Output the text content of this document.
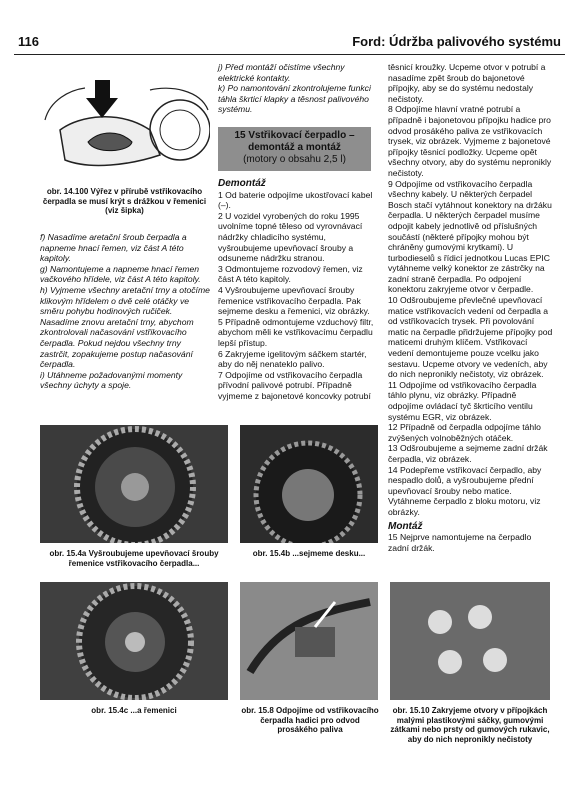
116	Ford: Údržba palivového systému
obr. 14.100 Výřez v přírubě vstřikovacího čerpadla se musí krýt s drážkou v řemenici (viz šipka)

f) Nasadíme aretační šroub čerpadla a napneme hnací řemen, viz část A této kapitoly.

g) Namontujeme a napneme hnací řemen vačkového hřídele, viz část A této kapitoly.

h) Vyjmeme všechny aretační trny a otočíme klikovým hřídelem o dvě celé otáčky ve směru pohybu hodinových ručiček. Nasadíme znovu aretační trny, abychom zkontrolovali načasování vstřikovacího čerpadla. Pokud nejdou všechny trny zastrčit, zopakujeme postup načasování čerpadla.

i) Utáhneme požadovanými momenty všechny úchyty a spoje.

j) Před montáží očistíme všechny elektrické kontakty.

k) Po namontování zkontrolujeme funkci táhla škrticí klapky a těsnost palivového systému.

15 Vstřikovací čerpadlo –
demontáž a montáž
(motory o obsahu 2,5 l)
Demontáž

1 Od baterie odpojíme ukostřovací kabel (–).

2 U vozidel vyrobených do roku 1995 uvolníme topné těleso od vyrovnávací nádržky chladicího systému, vyšroubujeme upevňovací šrouby a odsuneme nádržku stranou.

3 Odmontujeme rozvodový řemen, viz část A této kapitoly.

4 Vyšroubujeme upevňovací šrouby řemenice vstřikovacího čerpadla. Pak sejmeme desku a řemenici, viz obrázky.

5 Případně odmontujeme vzduchový filtr, abychom měli ke vstřikovacímu čerpadlu lepší přístup.

6 Zakryjeme igelitovým sáčkem startér, aby do něj nenateklo palivo.

7 Odpojíme od vstřikovacího čerpadla přívodní palivové potrubí. Případně vyjmeme z bajonetové koncovky potrubí

těsnicí kroužky. Ucpeme otvor v potrubí a nasadíme zpět šroub do bajonetové přípojky, aby se do systému nedostaly nečistoty.

8 Odpojíme hlavní vratné potrubí a případně i bajonetovou přípojku hadice pro odvod prosákého paliva ze vstřikovacích trysek, viz obrázek. Vyjmeme z bajonetové přípojky těsnicí podložky. Ucpeme opět všechny otvory, aby do systému nepronikly nečistoty.

9 Odpojíme od vstřikovacího čerpadla všechny kabely. U některých čerpadel Bosch stačí vytáhnout konektory na držáku čerpadla. U některých čerpadel musíme odpojit kabely jednotlivě od příslušných součástí (některé přípojky mohou být chráněny gumovými krytkami). U turbodieselů s řídicí jednotkou Lucas EPIC vytáhneme velký konektor ze zástrčky na zadní straně čerpadla. Po odpojení konektoru zakryjeme otvor v čerpadle.

10 Odšroubujeme převlečné upevňovací matice vstřikovacích vedení od čerpadla a od vstřikovacích trysek. Při povolování matic na čerpadle přidržujeme přípojky pod maticemi druhým klíčem. Vstřikovací vedení demontujeme pouze vcelku jako sestavu. Ucpeme otvory ve vedeních, aby do nich nepronikly nečistoty, viz obrázek.

11 Odpojíme od vstřikovacího čerpadla táhlo plynu, viz obrázky. Případně odpojíme ovládací tyč škrticího ventilu systému EGR, viz obrázek.

12 Případně od čerpadla odpojíme táhlo zvýšených volnoběžných otáček.

13 Odšroubujeme a sejmeme zadní držák čerpadla, viz obrázek.

14 Podepřeme vstřikovací čerpadlo, aby nespadlo dolů, a vyšroubujeme přední upevňovací šrouby nebo matice. Vytáhneme čerpadlo z bloku motoru, viz obrázky.

Montáž

15 Nejprve namontujeme na čerpadlo zadní držák.

obr. 15.4a Vyšroubujeme upevňovací šrouby řemenice vstřikovacího čerpadla...
obr. 15.4b ...sejmeme desku...
obr. 15.4c ...a řemenici	obr. 15.8 Odpojíme od vstřikovacího čerpadla hadici pro odvod prosákého paliva
obr. 15.10 Zakryjeme otvory v přípojkách malými plastikovými sáčky, gumovými zátkami nebo prsty od gumových rukavic, aby do nich nepronikly nečistoty
